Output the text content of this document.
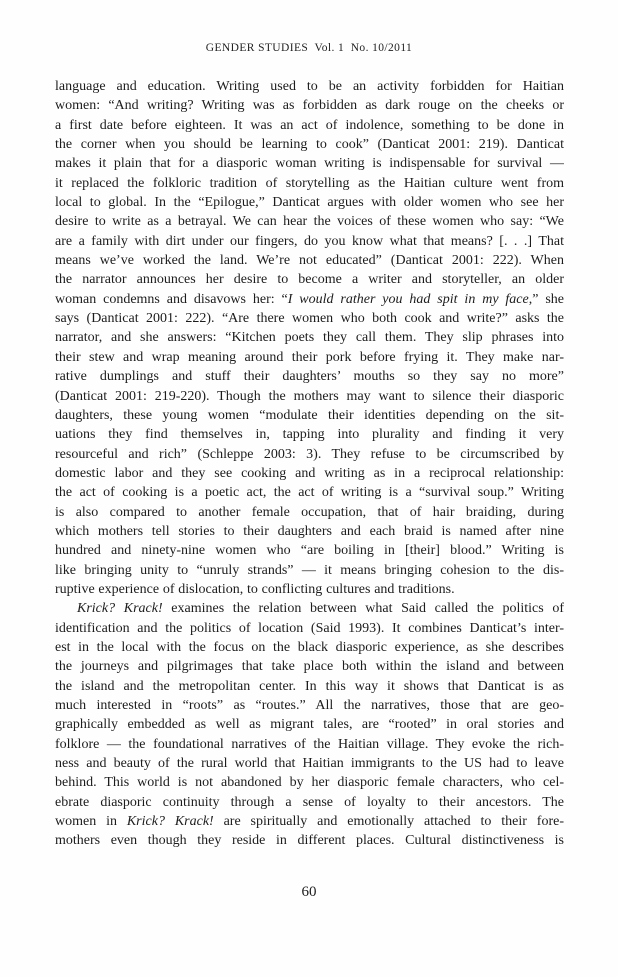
GENDER STUDIES  Vol. 1  No. 10/2011
language and education. Writing used to be an activity forbidden for Haitian
women: “And writing? Writing was as forbidden as dark rouge on the cheeks or
a first date before eighteen. It was an act of indolence, something to be done in
the corner when you should be learning to cook” (Danticat 2001: 219). Danticat
makes it plain that for a diasporic woman writing is indispensable for survival —
it replaced the folkloric tradition of storytelling as the Haitian culture went from
local to global. In the “Epilogue,” Danticat argues with older women who see her
desire to write as a betrayal. We can hear the voices of these women who say: “We
are a family with dirt under our fingers, do you know what that means? [. . .] That
means we’ve worked the land. We’re not educated” (Danticat 2001: 222). When
the narrator announces her desire to become a writer and storyteller, an older
woman condemns and disavows her: “I would rather you had spit in my face,” she
says (Danticat 2001: 222). “Are there women who both cook and write?” asks the
narrator, and she answers: “Kitchen poets they call them. They slip phrases into
their stew and wrap meaning around their pork before frying it. They make nar-
rative dumplings and stuff their daughters’ mouths so they say no more”
(Danticat 2001: 219-220). Though the mothers may want to silence their diasporic
daughters, these young women “modulate their identities depending on the sit-
uations they find themselves in, tapping into plurality and finding it very
resourceful and rich” (Schleppe 2003: 3). They refuse to be circumscribed by
domestic labor and they see cooking and writing as in a reciprocal relationship:
the act of cooking is a poetic act, the act of writing is a “survival soup.” Writing
is also compared to another female occupation, that of hair braiding, during
which mothers tell stories to their daughters and each braid is named after nine
hundred and ninety-nine women who “are boiling in [their] blood.” Writing is
like bringing unity to “unruly strands” — it means bringing cohesion to the dis-
ruptive experience of dislocation, to conflicting cultures and traditions.
Krick? Krack! examines the relation between what Said called the politics of
identification and the politics of location (Said 1993). It combines Danticat’s inter-
est in the local with the focus on the black diasporic experience, as she describes
the journeys and pilgrimages that take place both within the island and between
the island and the metropolitan center. In this way it shows that Danticat is as
much interested in “roots” as “routes.” All the narratives, those that are geo-
graphically embedded as well as migrant tales, are “rooted” in oral stories and
folklore — the foundational narratives of the Haitian village. They evoke the rich-
ness and beauty of the rural world that Haitian immigrants to the US had to leave
behind. This world is not abandoned by her diasporic female characters, who cel-
ebrate diasporic continuity through a sense of loyalty to their ancestors. The
women in Krick? Krack! are spiritually and emotionally attached to their fore-
mothers even though they reside in different places. Cultural distinctiveness is
60
